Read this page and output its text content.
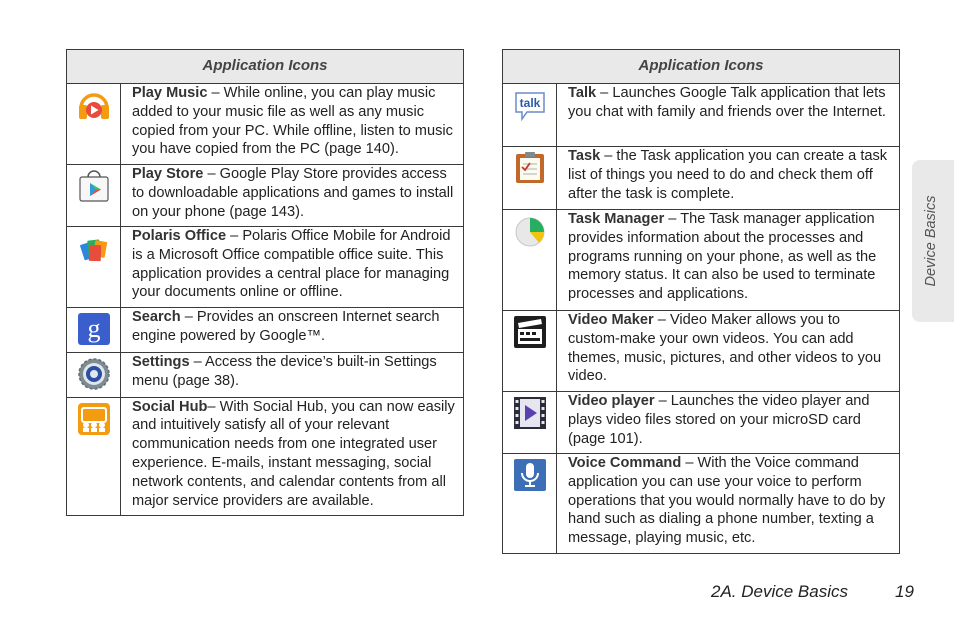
Application Icons	
	Play Music – While online, you can play music added to your music file as well as any music copied from your PC. While offline, listen to music you have copied from the PC (page 140).
	Play Store – Google Play Store provides access to downloadable applications and games to install on your phone (page 143).
	Polaris Office – Polaris Office Mobile for Android is a Microsoft Office compatible office suite. This application provides a central place for managing your documents online or offline.

g	Search – Provides an onscreen Internet search engine powered by Google™.
	Settings – Access the device’s built-in Settings menu (page 38).
	Social Hub– With Social Hub, you can now easily and intuitively satisfy all of your relevant communication needs from one integrated user experience. E-mails, instant messaging, social network contents, and calendar contents from all major service providers are available.
Application Icons	

talk	Talk – Launches Google Talk application that lets you chat with family and friends over the Internet.
	Task – the Task application you can create a task list of things you need to do and check them off after the task is complete.
	Task Manager – The Task manager application provides information about the processes and programs running on your phone, as well as the memory status. It can also be used to terminate processes and applications.
	Video Maker – Video Maker allows you to custom-make your own videos. You can add themes, music, pictures, and other videos to you video.
	Video player – Launches the video player and plays video files stored on your microSD card (page 101).
	Voice Command – With the Voice command application you can use your voice to perform operations that you would normally have to do by hand such as dialing a phone number, texting a message, playing music, etc.
Device Basics
2A. Device Basics	19
